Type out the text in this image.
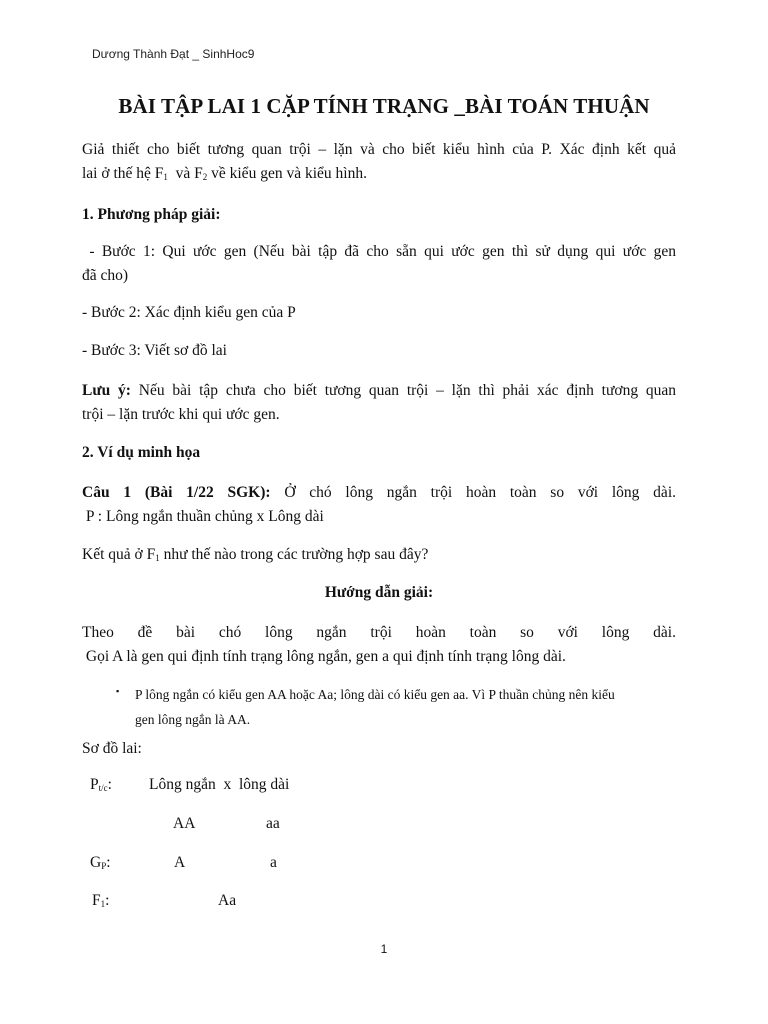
Dương Thành Đạt _ SinhHoc9
BÀI TẬP LAI 1 CẶP TÍNH TRẠNG _BÀI TOÁN THUẬN

Giả thiết cho biết tương quan trội – lặn và cho biết kiểu hình của P. Xác định kết quả

lai ở thế hệ $F_1$  và $F_2$ về kiểu gen và kiểu hình.

1. Phương pháp giải:

- Bước 1: Qui ước gen (Nếu bài tập đã cho sẵn qui ước gen thì sử dụng qui ước gen

đã cho)

- Bước 2: Xác định kiểu gen của P

- Bước 3: Viết sơ đồ lai

Lưu ý: Nếu bài tập chưa cho biết tương quan trội – lặn thì phải xác định tương quan

trội – lặn trước khi qui ước gen.

2. Ví dụ minh họa

Câu 1 (Bài 1/22 SGK): Ở chó lông ngắn trội hoàn toàn so với lông dài.

P : Lông ngắn thuần chủng x Lông dài

Kết quả ở $F_1$ như thế nào trong các trường hợp sau đây?

Hướng dẫn giải:

Theo đề bài chó lông ngắn trội hoàn toàn so với lông dài.

Gọi A là gen qui định tính trạng lông ngắn, gen a qui định tính trạng lông dài.

▪ P lông ngắn có kiểu gen AA hoặc Aa; lông dài có kiểu gen aa. Vì P thuần chủng nên kiểu
gen lông ngắn là AA.

Sơ đồ lai:

$P_{t/c}$: Lông ngắn  x  lông dài
AA	aa
$G_P$:	A	a
$F_1$:	Aa
1
